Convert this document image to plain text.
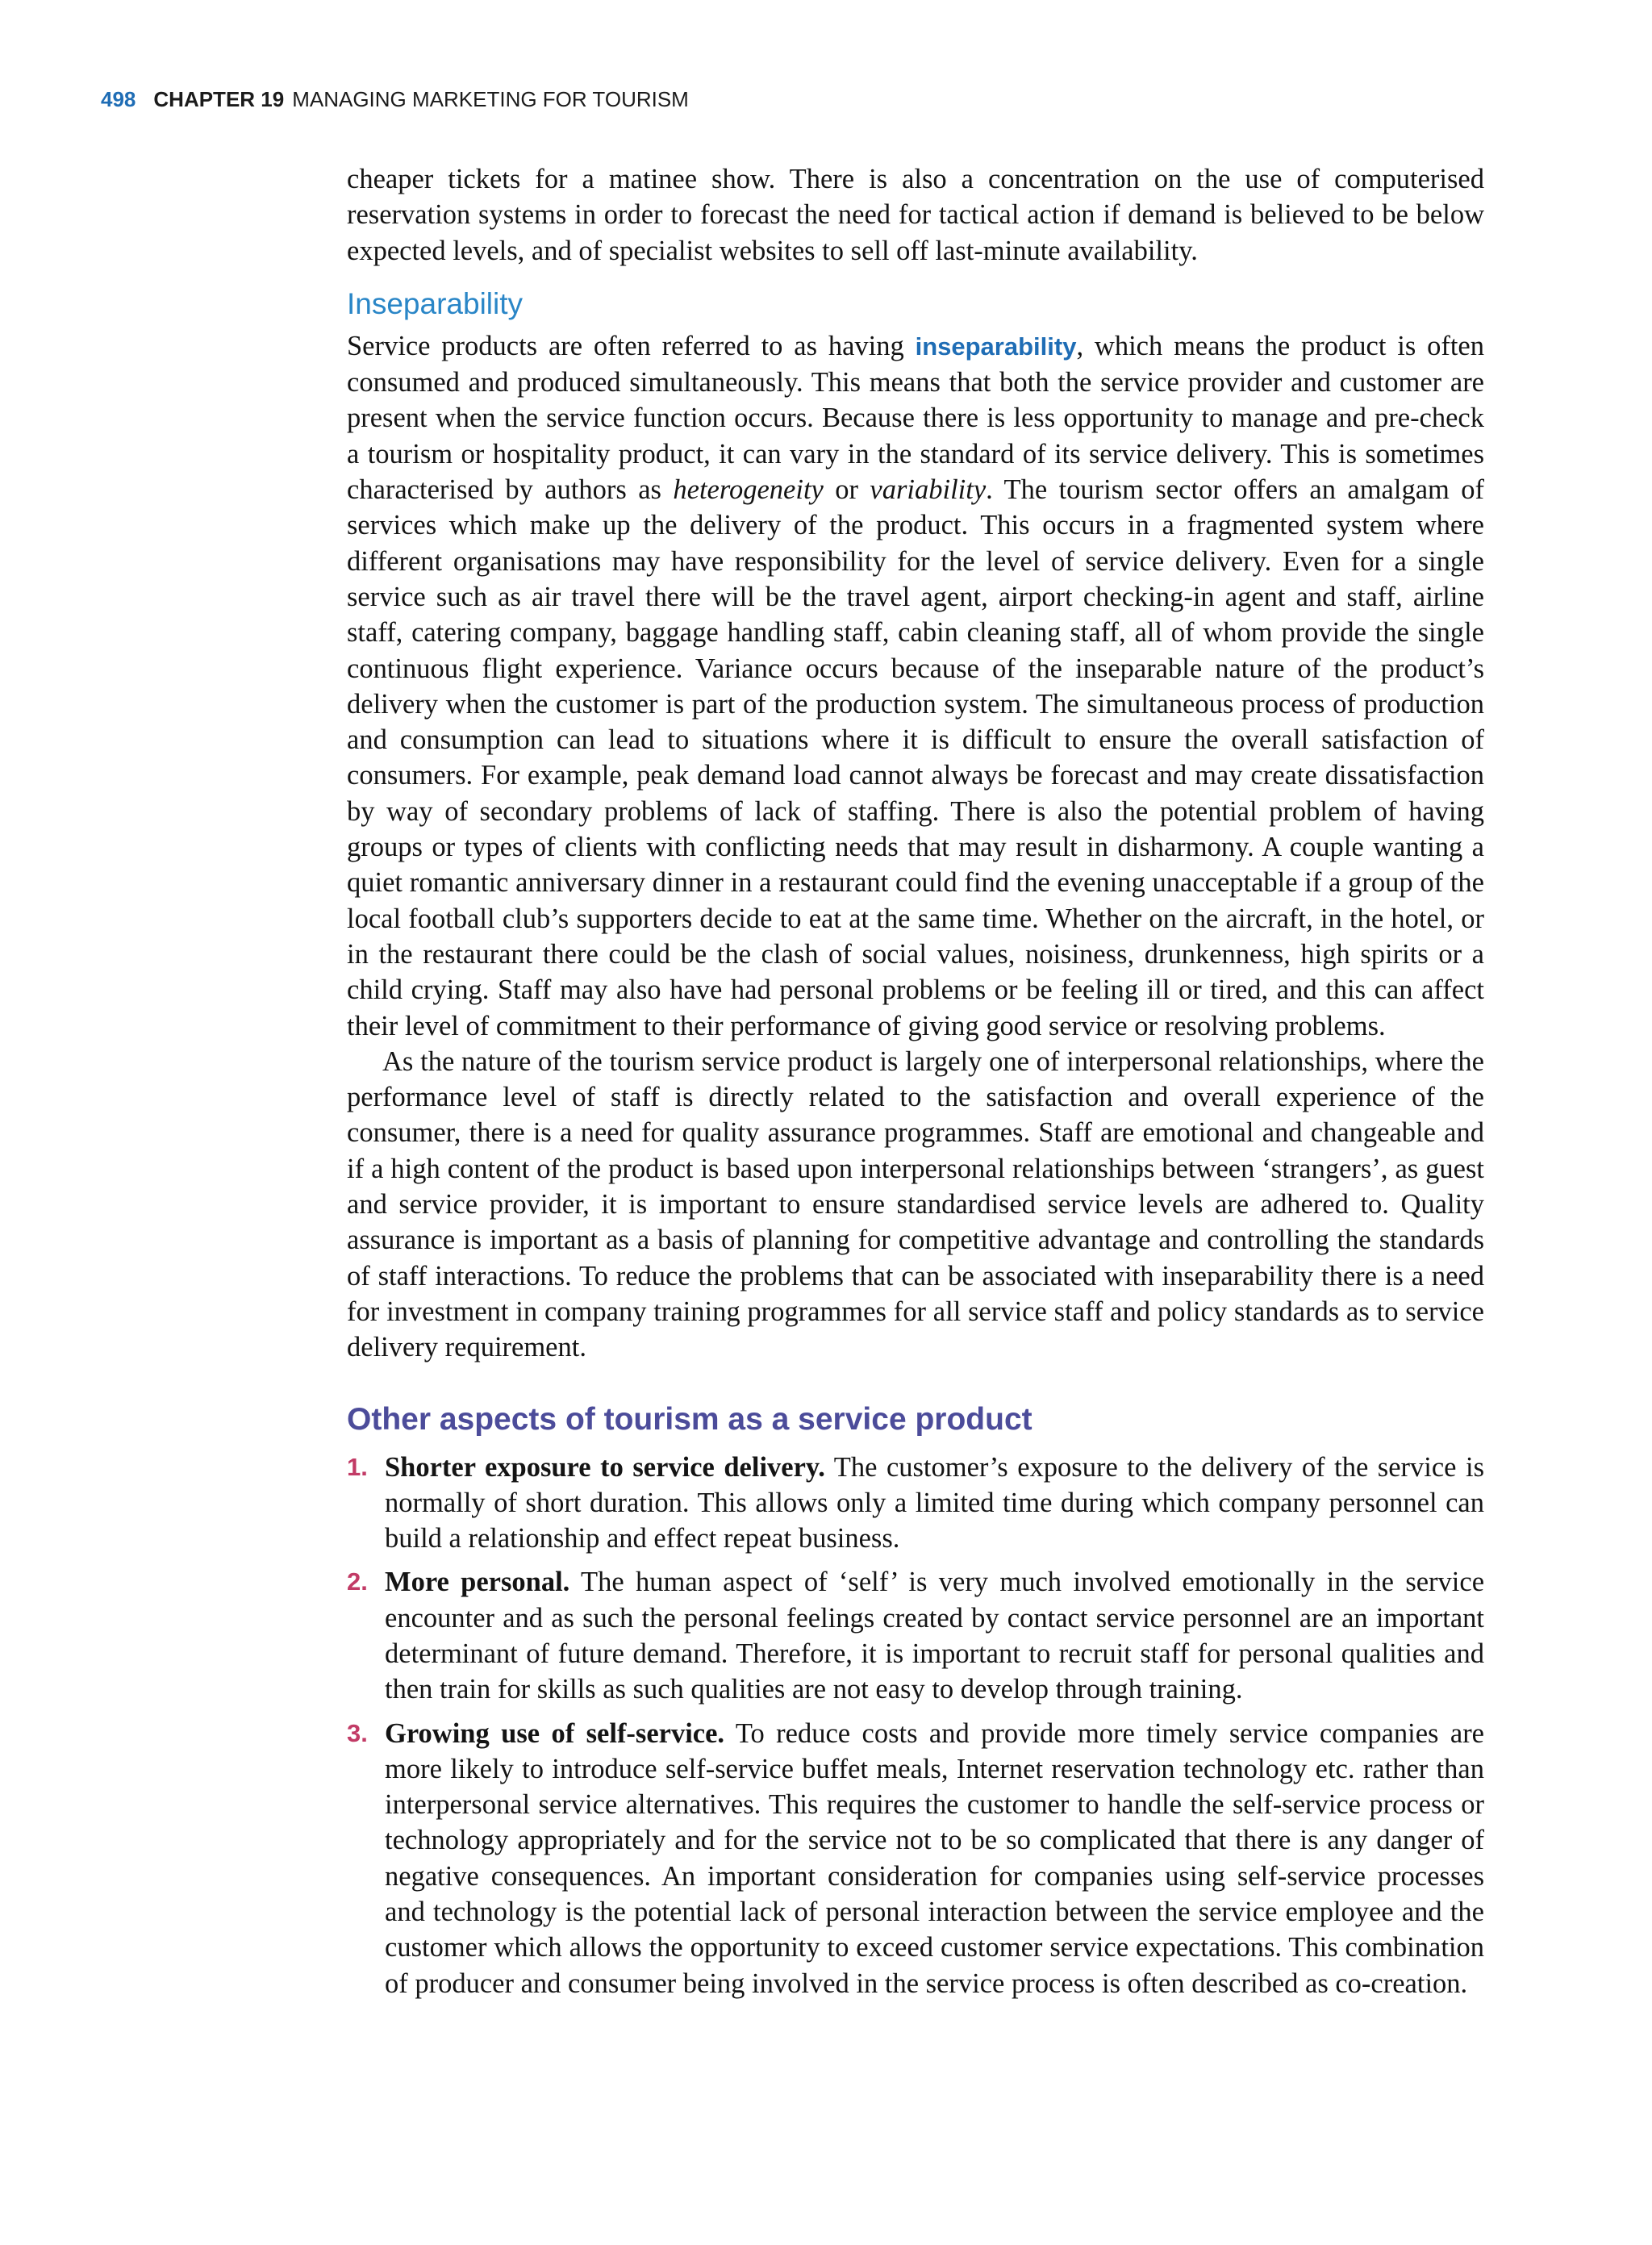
498 CHAPTER 19 MANAGING MARKETING FOR TOURISM

cheaper tickets for a matinee show. There is also a concentration on the use of computerised reservation systems in order to forecast the need for tactical action if demand is believed to be below expected levels, and of specialist websites to sell off last-minute availability.

Inseparability

Service products are often referred to as having inseparability, which means the product is often consumed and produced simultaneously. This means that both the service provider and customer are present when the service function occurs. Because there is less opportunity to manage and pre-check a tourism or hospitality product, it can vary in the standard of its service delivery. This is sometimes characterised by authors as heterogeneity or variability. The tourism sector offers an amalgam of services which make up the delivery of the product. This occurs in a fragmented system where different organisations may have responsibility for the level of service delivery. Even for a single service such as air travel there will be the travel agent, airport checking-in agent and staff, airline staff, catering company, baggage handling staff, cabin cleaning staff, all of whom provide the single continuous flight experience. Variance occurs because of the inseparable nature of the product’s delivery when the customer is part of the production system. The simultaneous process of production and consumption can lead to situations where it is difficult to ensure the overall satisfaction of consumers. For example, peak demand load cannot always be forecast and may create dissatisfaction by way of secondary problems of lack of staffing. There is also the potential problem of having groups or types of clients with conflicting needs that may result in disharmony. A couple wanting a quiet romantic anniversary dinner in a restaurant could find the evening unacceptable if a group of the local football club’s supporters decide to eat at the same time. Whether on the aircraft, in the hotel, or in the restaurant there could be the clash of social values, noisiness, drunkenness, high spirits or a child crying. Staff may also have had personal problems or be feeling ill or tired, and this can affect their level of commitment to their performance of giving good service or resolving problems.

As the nature of the tourism service product is largely one of interpersonal relationships, where the performance level of staff is directly related to the satisfaction and overall experience of the consumer, there is a need for quality assurance programmes. Staff are emotional and changeable and if a high content of the product is based upon interpersonal relationships between ‘strangers’, as guest and service provider, it is important to ensure standardised service levels are adhered to. Quality assurance is important as a basis of planning for competitive advantage and controlling the standards of staff interactions. To reduce the problems that can be associated with inseparability there is a need for investment in company training programmes for all service staff and policy standards as to service delivery requirement.

Other aspects of tourism as a service product
1. Shorter exposure to service delivery. The customer’s exposure to the delivery of the service is normally of short duration. This allows only a limited time during which company personnel can build a relationship and effect repeat business.
2. More personal. The human aspect of ‘self’ is very much involved emotionally in the service encounter and as such the personal feelings created by contact service personnel are an important determinant of future demand. Therefore, it is important to recruit staff for personal qualities and then train for skills as such qualities are not easy to develop through training.
3. Growing use of self-service. To reduce costs and provide more timely service companies are more likely to introduce self-service buffet meals, Internet reservation technology etc. rather than interpersonal service alternatives. This requires the customer to handle the self-service process or technology appropriately and for the service not to be so complicated that there is any danger of negative consequences. An important consideration for companies using self-service processes and technology is the potential lack of personal interaction between the service employee and the customer which allows the opportunity to exceed customer service expectations. This combination of producer and consumer being involved in the service process is often described as co-creation.
